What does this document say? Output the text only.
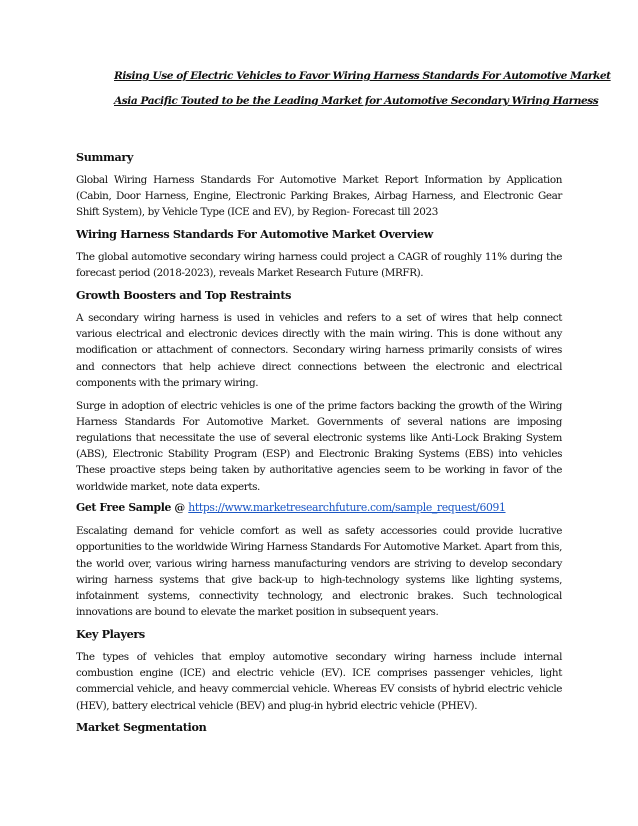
Rising Use of Electric Vehicles to Favor Wiring Harness Standards For Automotive Market

Asia Pacific Touted to be the Leading Market for Automotive Secondary Wiring Harness

Summary

Global Wiring Harness Standards For Automotive Market Report Information by Application (Cabin, Door Harness, Engine, Electronic Parking Brakes, Airbag Harness, and Electronic Gear Shift System), by Vehicle Type (ICE and EV), by Region- Forecast till 2023

Wiring Harness Standards For Automotive Market Overview

The global automotive secondary wiring harness could project a CAGR of roughly 11% during the forecast period (2018-2023), reveals Market Research Future (MRFR).

Growth Boosters and Top Restraints

A secondary wiring harness is used in vehicles and refers to a set of wires that help connect various electrical and electronic devices directly with the main wiring. This is done without any modification or attachment of connectors. Secondary wiring harness primarily consists of wires and connectors that help achieve direct connections between the electronic and electrical components with the primary wiring.

Surge in adoption of electric vehicles is one of the prime factors backing the growth of the Wiring Harness Standards For Automotive Market. Governments of several nations are imposing regulations that necessitate the use of several electronic systems like Anti-Lock Braking System (ABS), Electronic Stability Program (ESP) and Electronic Braking Systems (EBS) into vehicles These proactive steps being taken by authoritative agencies seem to be working in favor of the worldwide market, note data experts.

Get Free Sample @ https://www.marketresearchfuture.com/sample_request/6091

Escalating demand for vehicle comfort as well as safety accessories could provide lucrative opportunities to the worldwide Wiring Harness Standards For Automotive Market. Apart from this, the world over, various wiring harness manufacturing vendors are striving to develop secondary wiring harness systems that give back-up to high-technology systems like lighting systems, infotainment systems, connectivity technology, and electronic brakes. Such technological innovations are bound to elevate the market position in subsequent years.

Key Players

The types of vehicles that employ automotive secondary wiring harness include internal combustion engine (ICE) and electric vehicle (EV). ICE comprises passenger vehicles, light commercial vehicle, and heavy commercial vehicle. Whereas EV consists of hybrid electric vehicle (HEV), battery electrical vehicle (BEV) and plug-in hybrid electric vehicle (PHEV).

Market Segmentation
